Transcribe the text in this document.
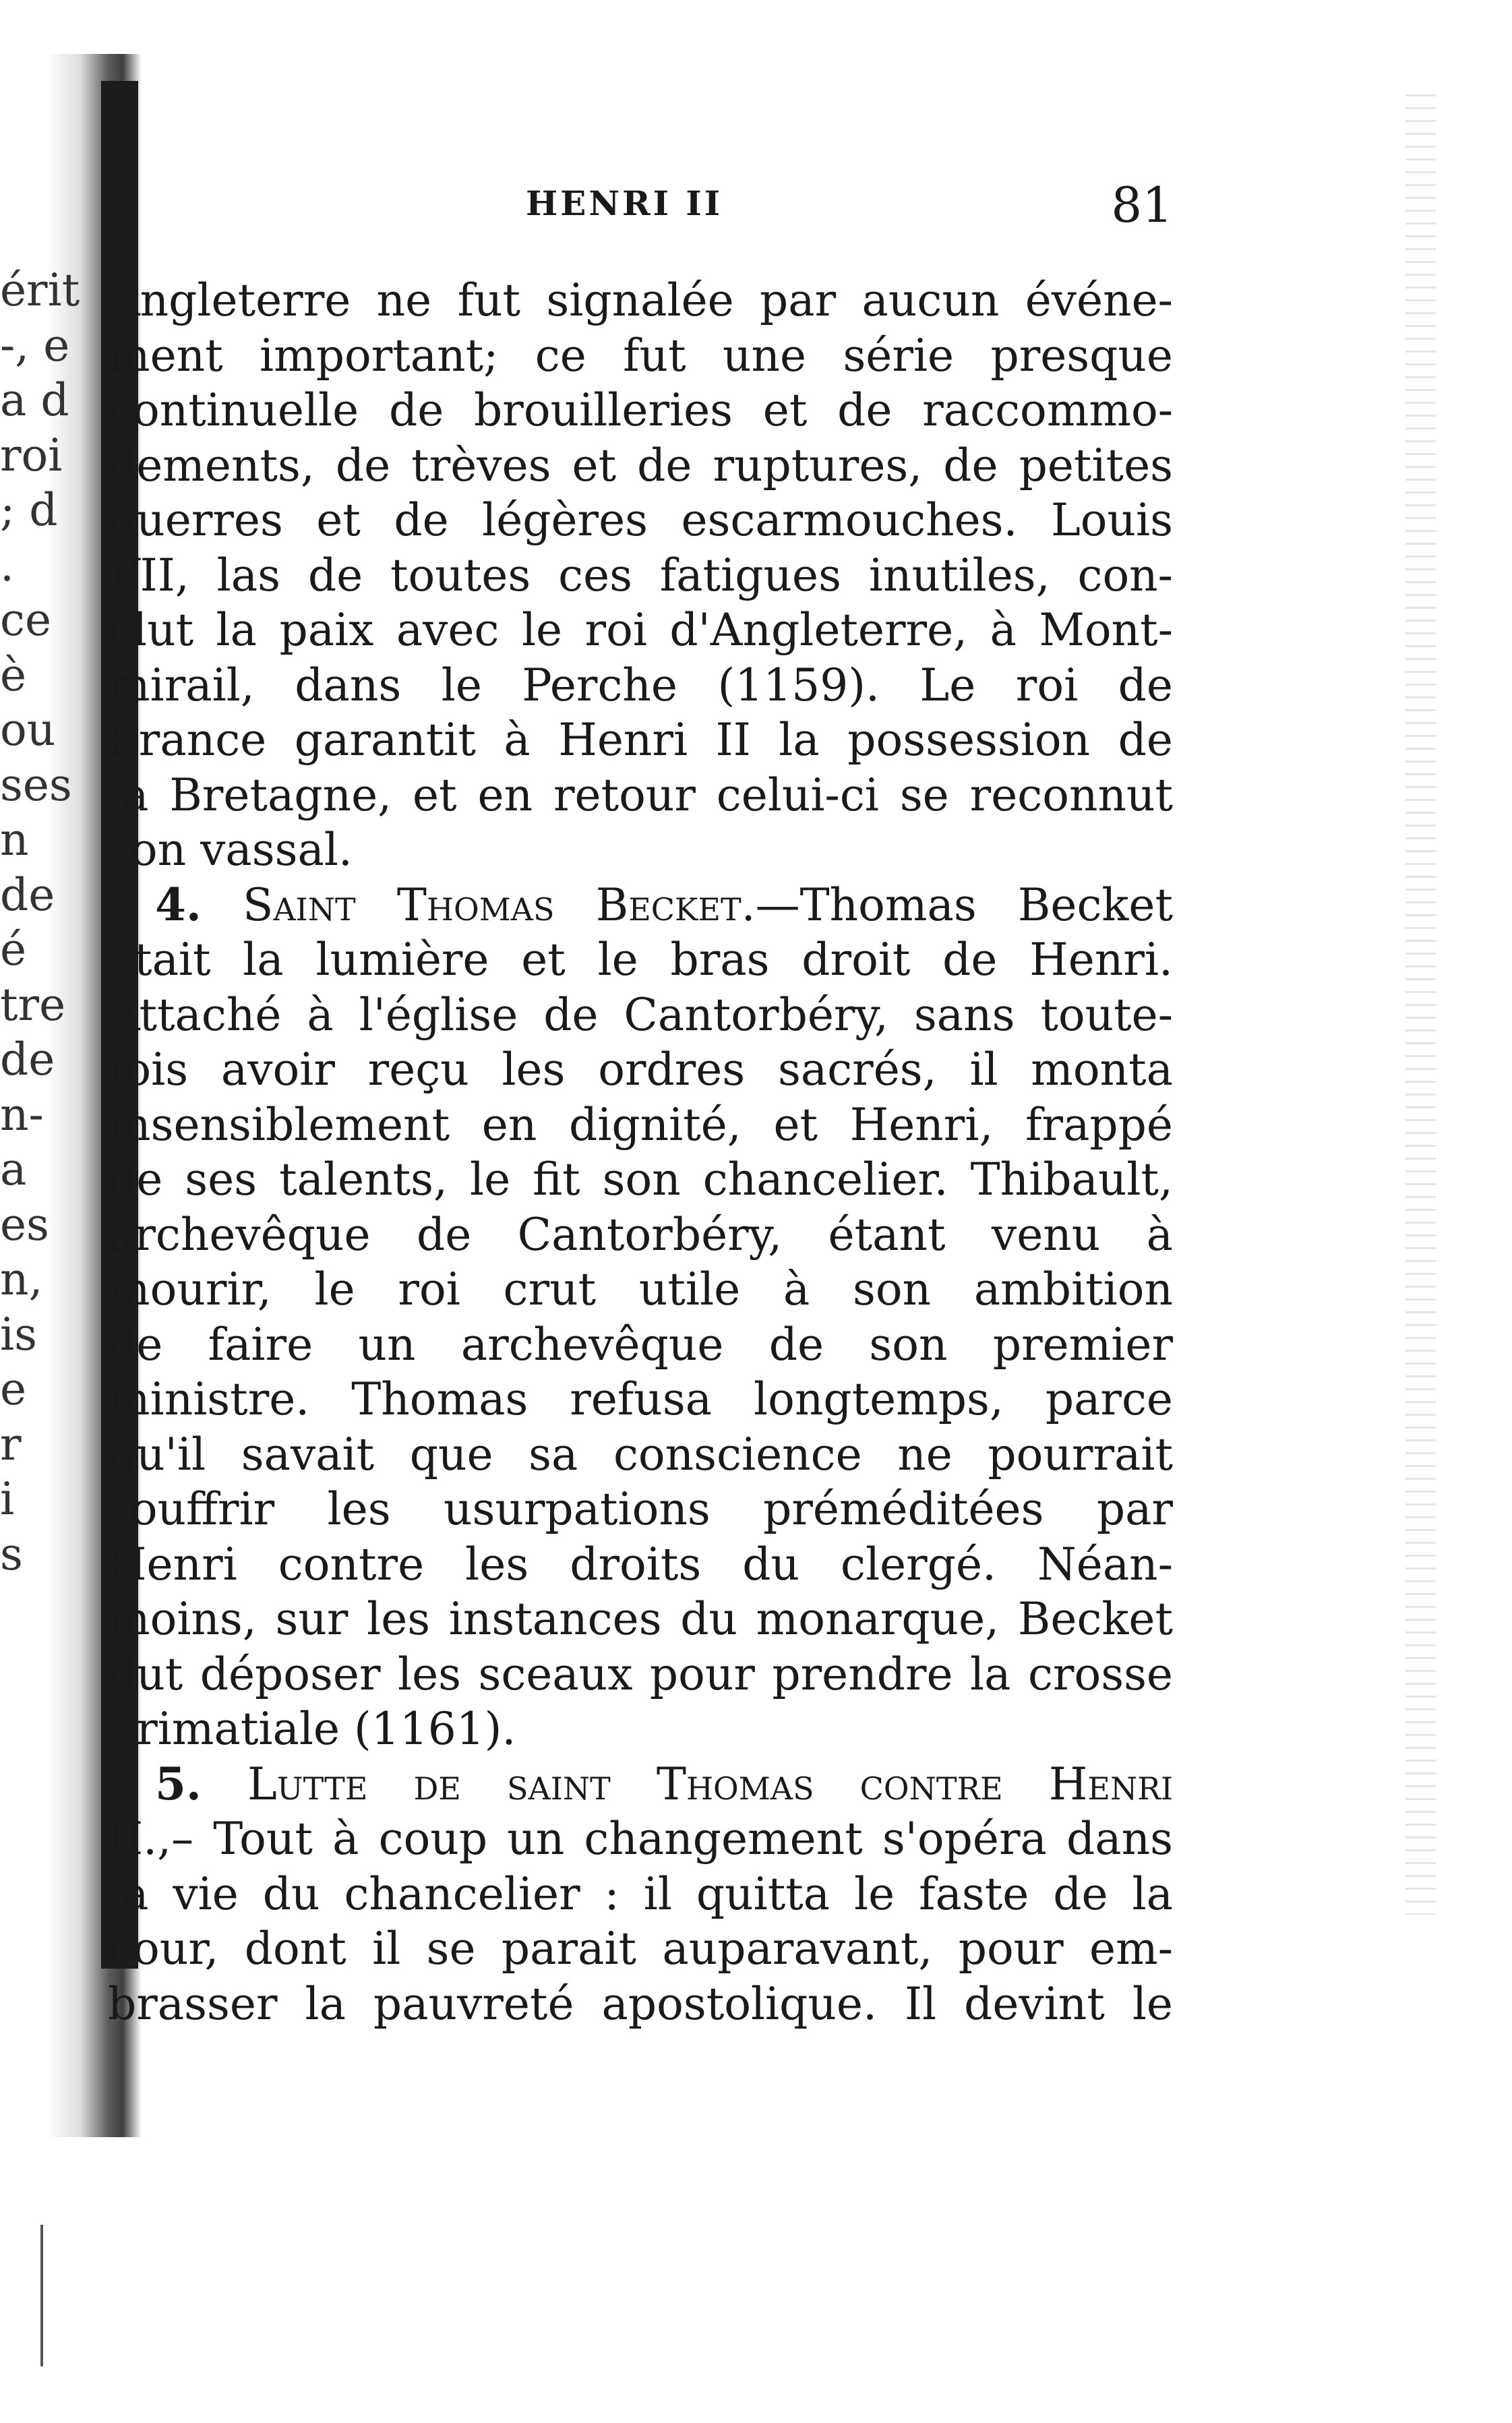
érit
-, e
a d
roi
; d
.
ce
è
ou
ses
n
de
é
tre
de
n-
a
es
n,
is
e
r
i
s
HENRI II	81
Angleterre ne fut signalée par aucun événe-
ment important; ce fut une série presque
continuelle de brouilleries et de raccommo-
dements, de trèves et de ruptures, de petites
guerres et de légères escarmouches. Louis
VII, las de toutes ces fatigues inutiles, con-
clut la paix avec le roi d'Angleterre, à Mont-
mirail, dans le Perche (1159). Le roi de
France garantit à Henri II la possession de
la Bretagne, et en retour celui-ci se reconnut
son vassal.
4. Saint Thomas Becket.—Thomas Becket
était la lumière et le bras droit de Henri.
Attaché à l'église de Cantorbéry, sans toute-
fois avoir reçu les ordres sacrés, il monta
insensiblement en dignité, et Henri, frappé
de ses talents, le fit son chancelier. Thibault,
archevêque de Cantorbéry, étant venu à
mourir, le roi crut utile à son ambition
de faire un archevêque de son premier
ministre. Thomas refusa longtemps, parce
qu'il savait que sa conscience ne pourrait
souffrir les usurpations préméditées par
Henri contre les droits du clergé. Néan-
moins, sur les instances du monarque, Becket
dut déposer les sceaux pour prendre la crosse
primatiale (1161).
5. Lutte de saint Thomas contre Henri
II.,– Tout à coup un changement s'opéra dans
la vie du chancelier : il quitta le faste de la
cour, dont il se parait auparavant, pour em-
brasser la pauvreté apostolique. Il devint le
